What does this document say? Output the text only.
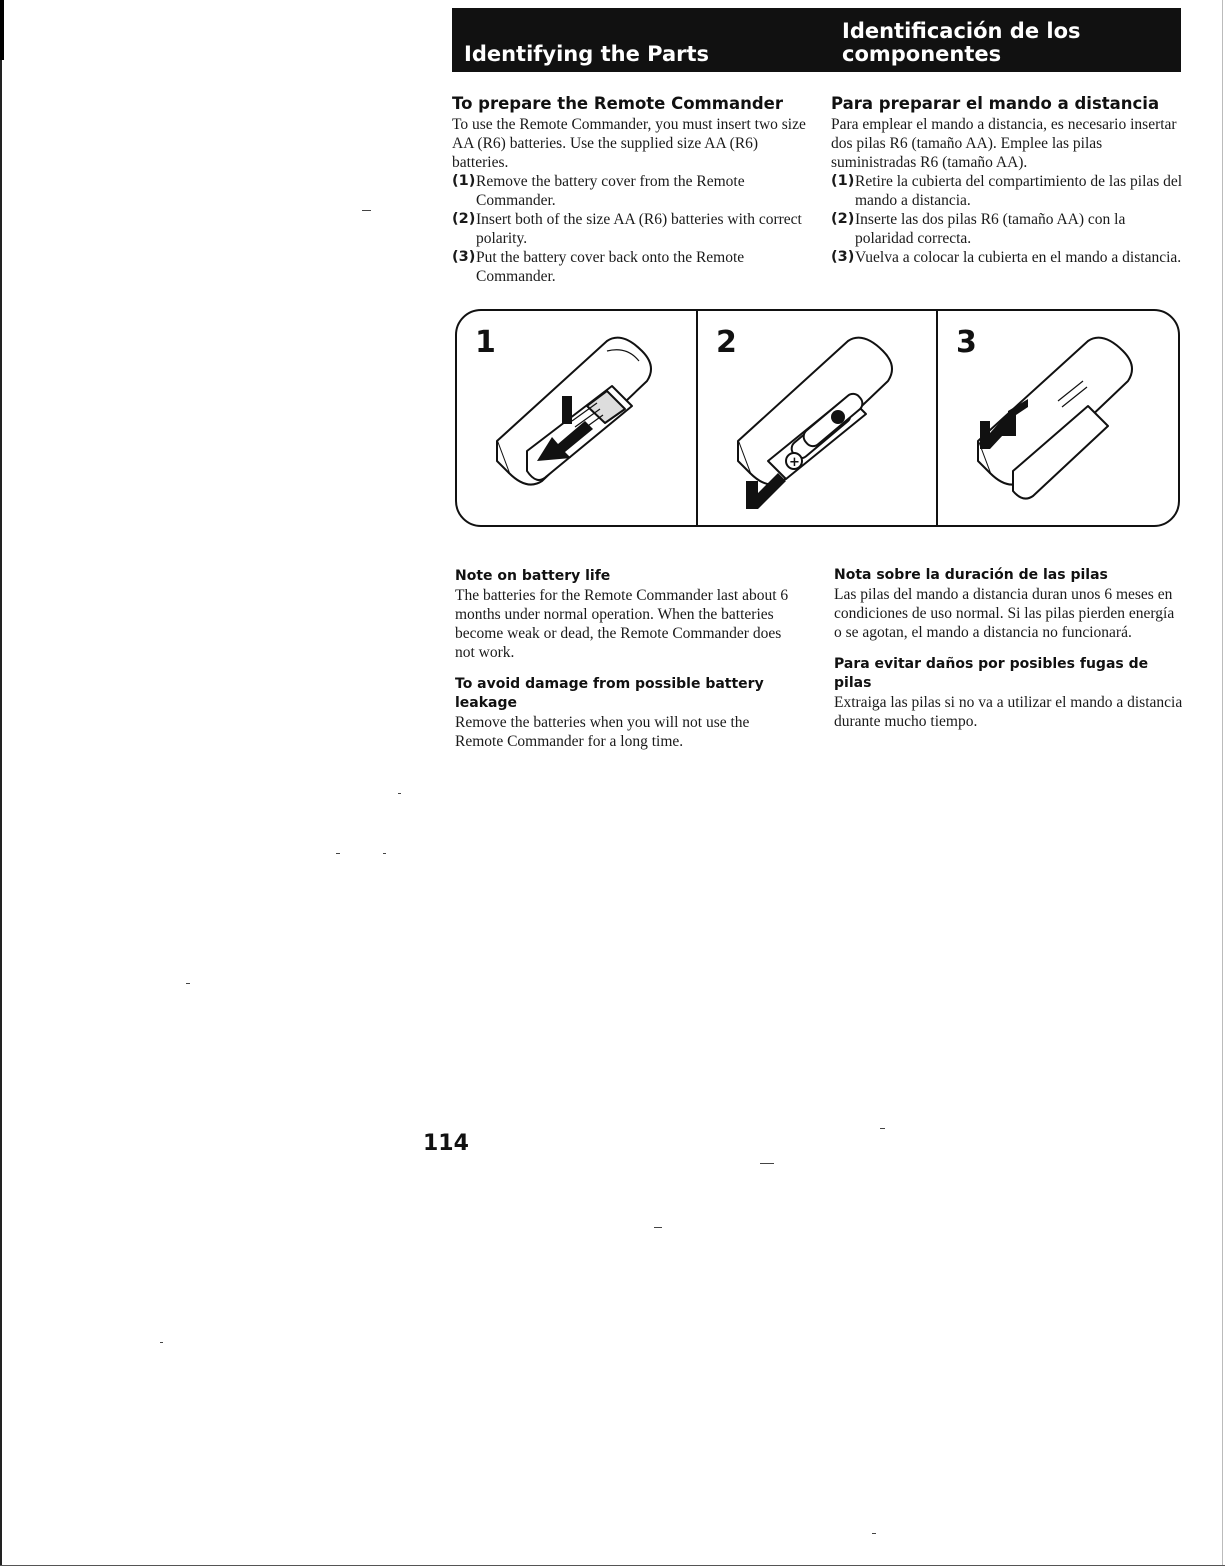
Identifying the Parts
Identificación de los componentes
To prepare the Remote Commander

To use the Remote Commander, you must insert two size AA (R6) batteries. Use the supplied size AA (R6) batteries.

(1) Remove the battery cover from the Remote Commander.
(2) Insert both of the size AA (R6) batteries with correct polarity.
(3) Put the battery cover back onto the Remote Commander.
Para preparar el mando a distancia

Para emplear el mando a distancia, es necesario insertar dos pilas R6 (tamaño AA). Emplee las pilas suministradas R6 (tamaño AA).

(1) Retire la cubierta del compartimiento de las pilas del mando a distancia.
(2) Inserte las dos pilas R6 (tamaño AA) con la polaridad correcta.
(3) Vuelva a colocar la cubierta en el mando a distancia.
1	2
+
3
Note on battery life

The batteries for the Remote Commander last about 6 months under normal operation. When the batteries become weak or dead, the Remote Commander does not work.

To avoid damage from possible battery leakage

Remove the batteries when you will not use the Remote Commander for a long time.

Nota sobre la duración de las pilas

Las pilas del mando a distancia duran unos 6 meses en condiciones de uso normal. Si las pilas pierden energía o se agotan, el mando a distancia no funcionará.

Para evitar daños por posibles fugas de pilas

Extraiga las pilas si no va a utilizar el mando a distancia durante mucho tiempo.

114
